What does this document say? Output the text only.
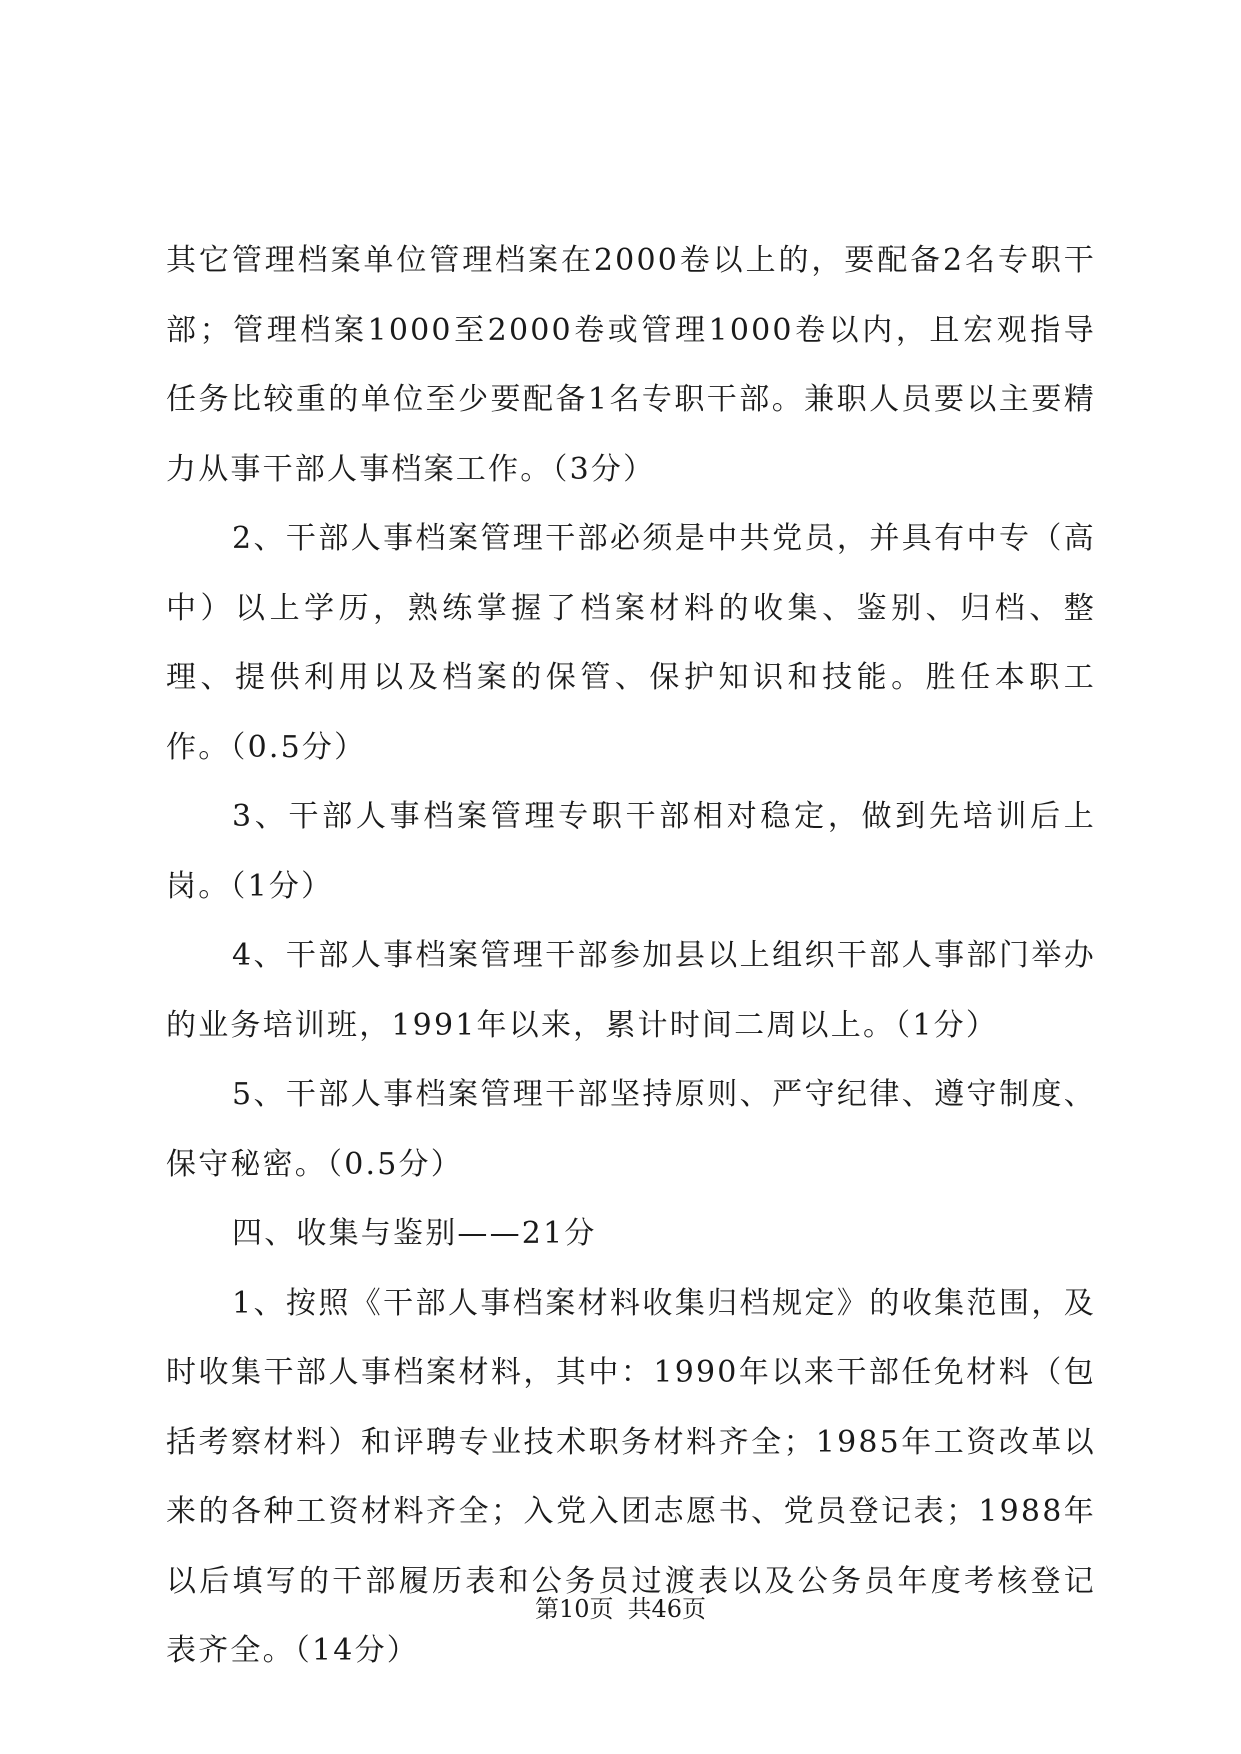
其它管理档案单位管理档案在2000卷以上的，要配备2名专职干部；管理档案1000至2000卷或管理1000卷以内，且宏观指导任务比较重的单位至少要配备1名专职干部。兼职人员要以主要精力从事干部人事档案工作。（3分）

2、干部人事档案管理干部必须是中共党员，并具有中专（高中）以上学历，熟练掌握了档案材料的收集、鉴别、归档、整理、提供利用以及档案的保管、保护知识和技能。胜任本职工作。（0.5分）

3、干部人事档案管理专职干部相对稳定，做到先培训后上岗。（1分）

4、干部人事档案管理干部参加县以上组织干部人事部门举办的业务培训班，1991年以来，累计时间二周以上。（1分）

5、干部人事档案管理干部坚持原则、严守纪律、遵守制度、保守秘密。（0.5分）

四、收集与鉴别——21分

1、按照《干部人事档案材料收集归档规定》的收集范围，及时收集干部人事档案材料，其中：1990年以来干部任免材料（包括考察材料）和评聘专业技术职务材料齐全；1985年工资改革以来的各种工资材料齐全；入党入团志愿书、党员登记表；1988年以后填写的干部履历表和公务员过渡表以及公务员年度考核登记表齐全。（14分）

第10页 共46页
